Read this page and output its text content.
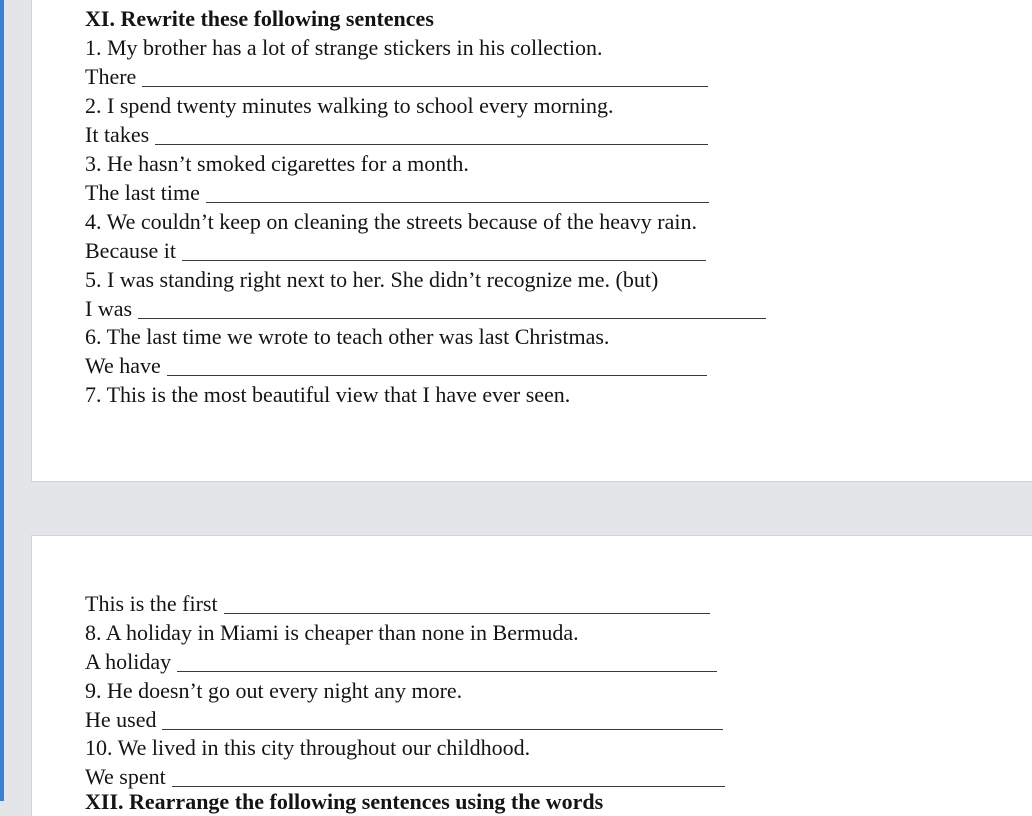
XI. Rewrite these following sentences
1. My brother has a lot of strange stickers in his collection.
There
2. I spend twenty minutes walking to school every morning.
It takes
3. He hasn’t smoked cigarettes for a month.
The last time
4. We couldn’t keep on cleaning the streets because of the heavy rain.
Because it
5. I was standing right next to her. She didn’t recognize me. (but)
I was
6. The last time we wrote to teach other was last Christmas.
We have
7. This is the most beautiful view that I have ever seen.
This is the first
8. A holiday in Miami is cheaper than none in Bermuda.
A holiday
9. He doesn’t go out every night any more.
He used
10. We lived in this city throughout our childhood.
We spent
